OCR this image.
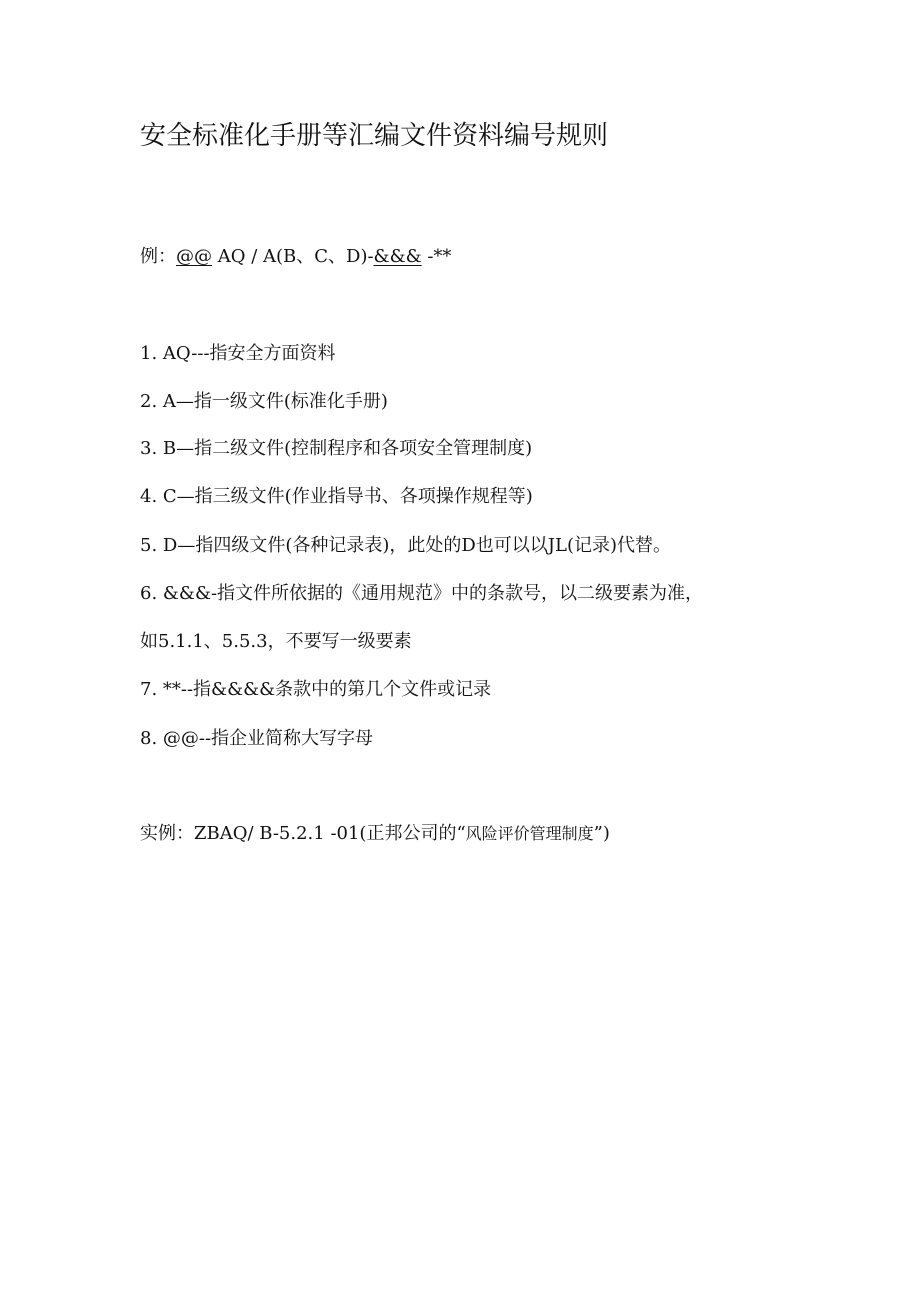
安全标准化手册等汇编文件资料编号规则
例：@@ AQ / A(B、C、D)-&&& -**
1. AQ---指安全方面资料
2. A—指一级文件(标准化手册)
3. B—指二级文件(控制程序和各项安全管理制度)
4. C—指三级文件(作业指导书、各项操作规程等)
5. D—指四级文件(各种记录表)，此处的D也可以以JL(记录)代替。
6. &&&-指文件所依据的《通用规范》中的条款号，以二级要素为准，
如5.1.1、5.5.3，不要写一级要素
7. **--指&&&&条款中的第几个文件或记录
8. @@--指企业简称大写字母
实例：ZBAQ/ B-5.2.1 -01(正邦公司的“风险评价管理制度”)
